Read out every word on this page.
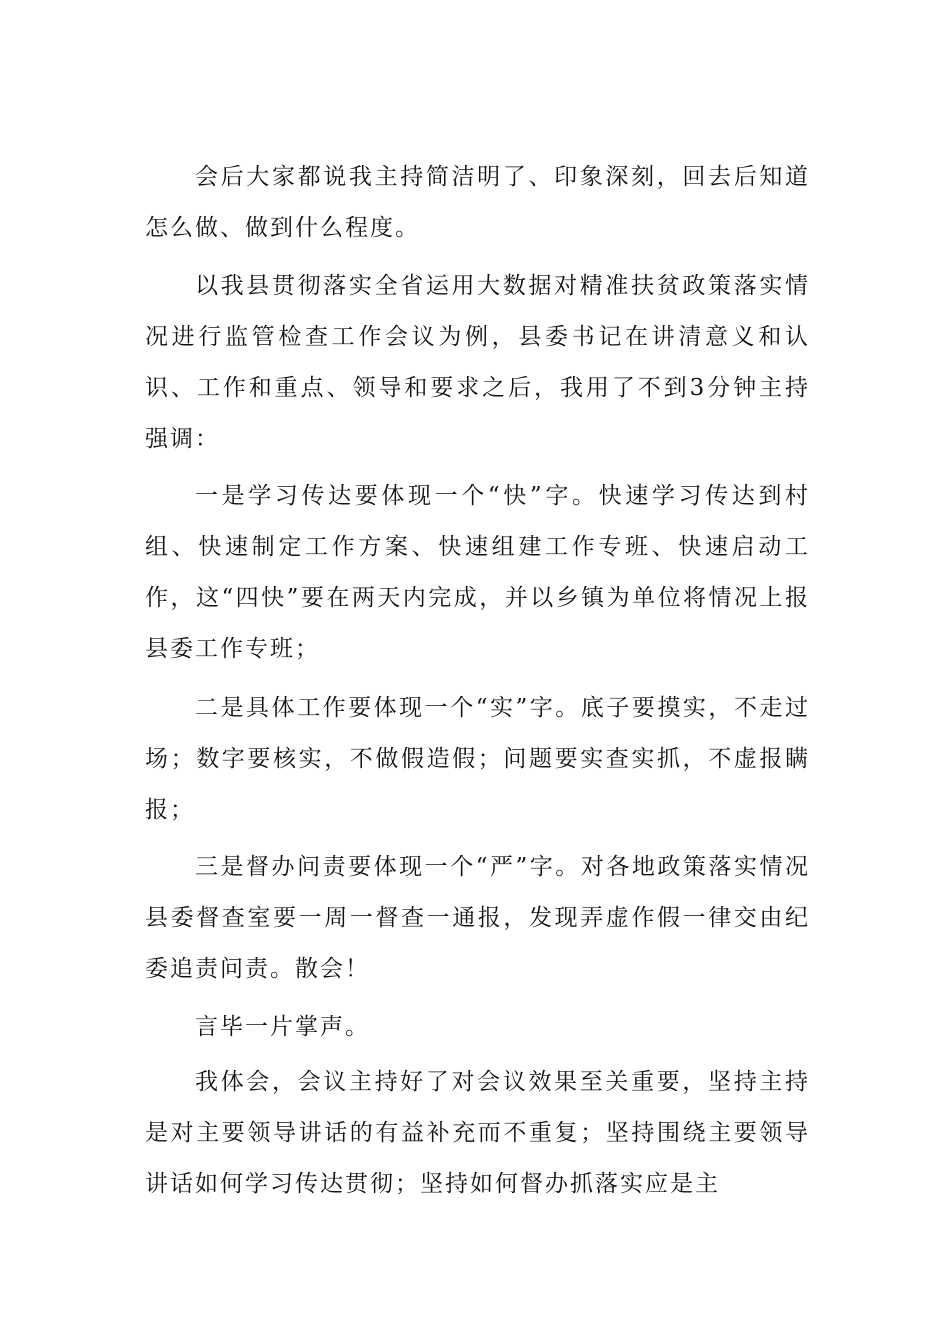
会后大家都说我主持简洁明了、印象深刻，回去后知道怎么做、做到什么程度。

以我县贯彻落实全省运用大数据对精准扶贫政策落实情况进行监管检查工作会议为例，县委书记在讲清意义和认识、工作和重点、领导和要求之后，我用了不到3分钟主持强调：

一是学习传达要体现一个“快”字。快速学习传达到村组、快速制定工作方案、快速组建工作专班、快速启动工作，这“四快”要在两天内完成，并以乡镇为单位将情况上报县委工作专班；

二是具体工作要体现一个“实”字。底子要摸实，不走过场；数字要核实，不做假造假；问题要实查实抓，不虚报瞒报；

三是督办问责要体现一个“严”字。对各地政策落实情况县委督查室要一周一督查一通报，发现弄虚作假一律交由纪委追责问责。散会！

言毕一片掌声。

我体会，会议主持好了对会议效果至关重要，坚持主持是对主要领导讲话的有益补充而不重复；坚持围绕主要领导讲话如何学习传达贯彻；坚持如何督办抓落实应是主
